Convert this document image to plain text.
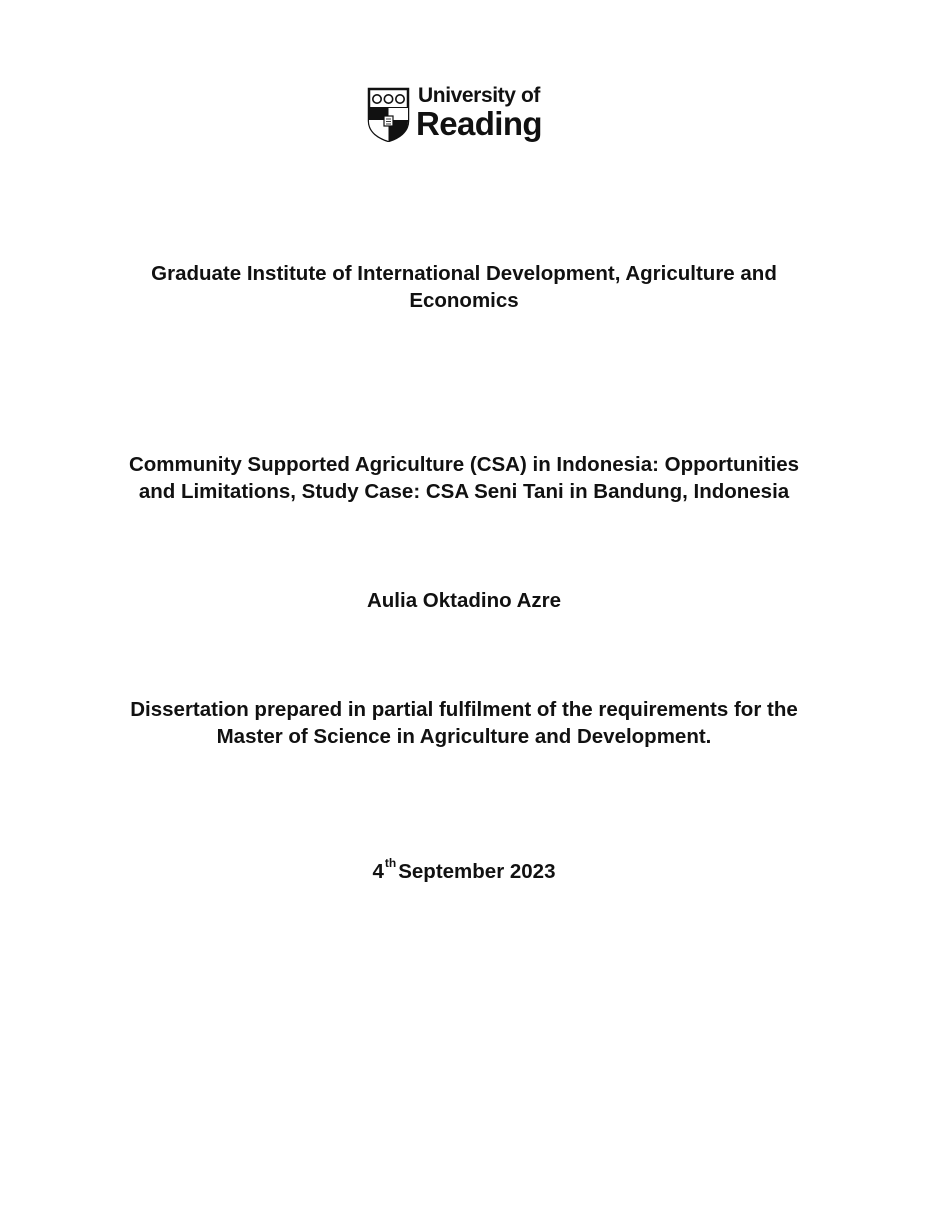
University of
Reading
Graduate Institute of International Development, Agriculture and
Economics
Community Supported Agriculture (CSA) in Indonesia: Opportunities
and Limitations, Study Case: CSA Seni Tani in Bandung, Indonesia
Aulia Oktadino Azre
Dissertation prepared in partial fulfilment of the requirements for the
Master of Science in Agriculture and Development.
4thSeptember 2023
